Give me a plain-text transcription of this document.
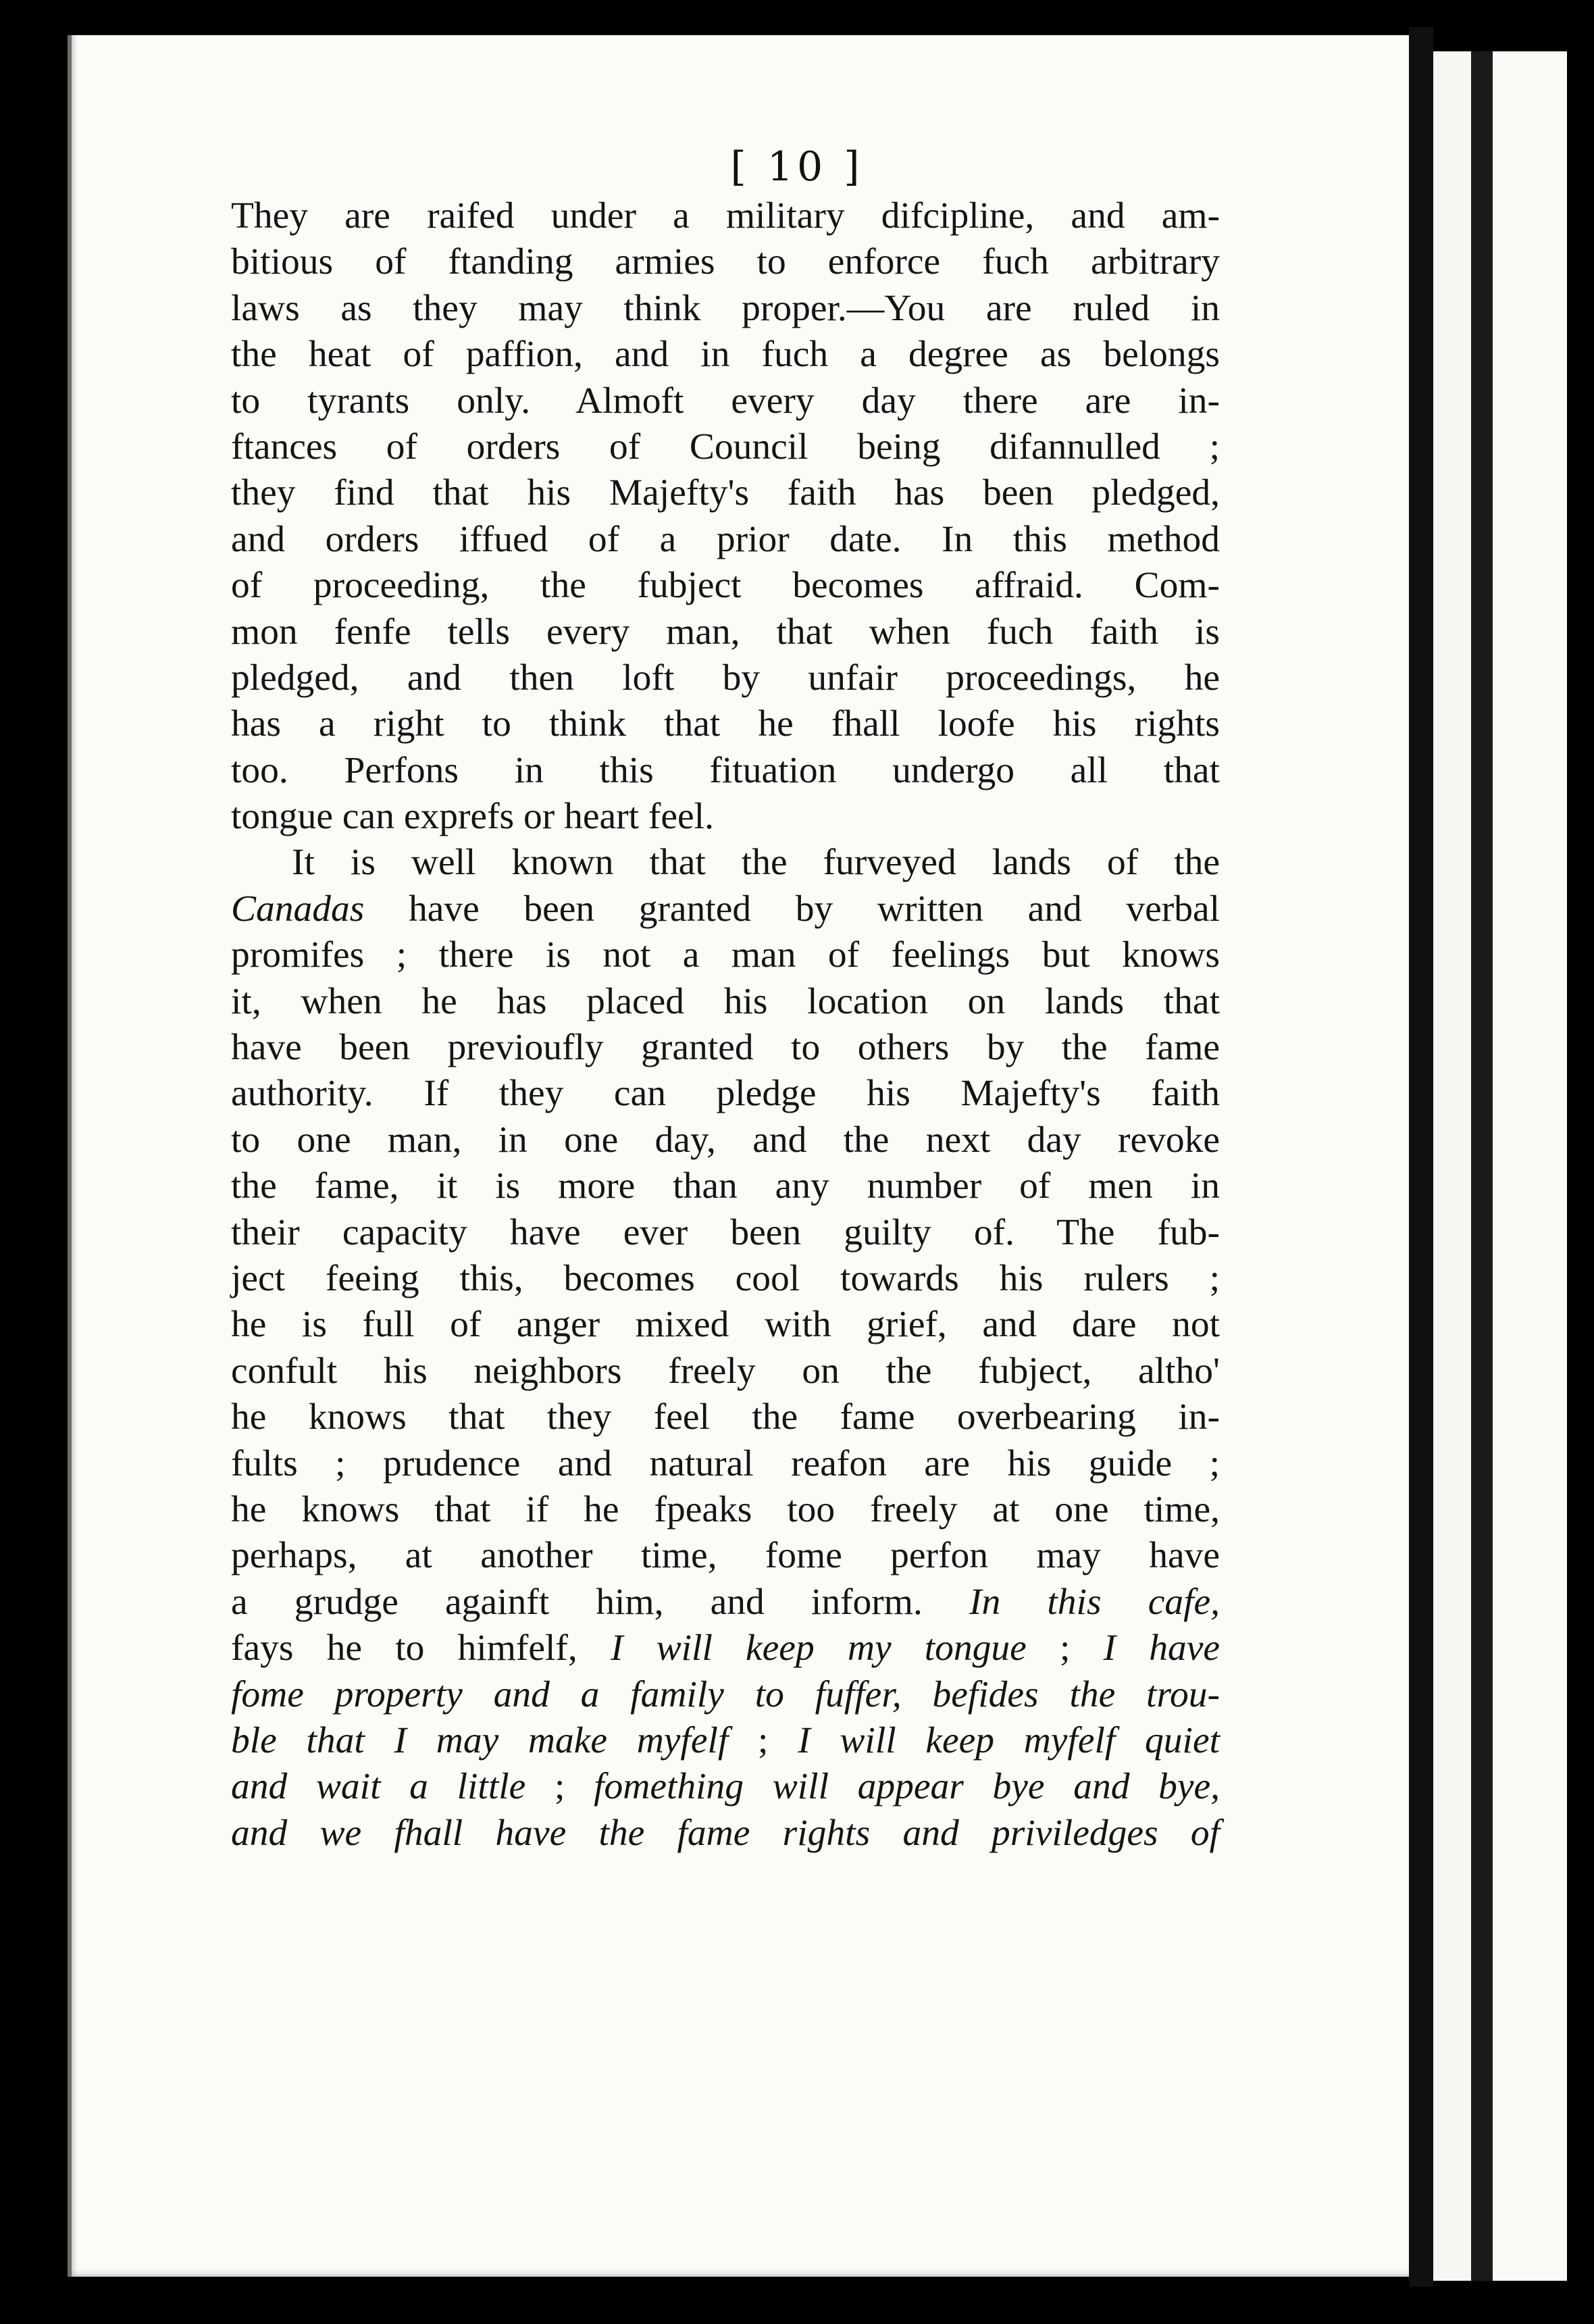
[ 10 ]
They are raifed under a military difcipline, and am-
bitious of ftanding armies to enforce fuch arbitrary
laws as they may think proper.—You are ruled in
the heat of paffion, and in fuch a degree as belongs
to tyrants only. Almoft every day there are in-
ftances of orders of Council being difannulled ;
they find that his Majefty's faith has been pledged,
and orders iffued of a prior date. In this method
of proceeding, the fubject becomes affraid. Com-
mon fenfe tells every man, that when fuch faith is
pledged, and then loft by unfair proceedings, he
has a right to think that he fhall loofe his rights
too. Perfons in this fituation undergo all that
tongue can exprefs or heart feel.
It is well known that the furveyed lands of the
Canadas have been granted by written and verbal
promifes ; there is not a man of feelings but knows
it, when he has placed his location on lands that
have been previoufly granted to others by the fame
authority. If they can pledge his Majefty's faith
to one man, in one day, and the next day revoke
the fame, it is more than any number of men in
their capacity have ever been guilty of. The fub-
ject feeing this, becomes cool towards his rulers ;
he is full of anger mixed with grief, and dare not
confult his neighbors freely on the fubject, altho'
he knows that they feel the fame overbearing in-
fults ; prudence and natural reafon are his guide ;
he knows that if he fpeaks too freely at one time,
perhaps, at another time, fome perfon may have
a grudge againft him, and inform. In this cafe,
fays he to himfelf, I will keep my tongue ; I have
fome property and a family to fuffer, befides the trou-
ble that I may make myfelf ; I will keep myfelf quiet
and wait a little ; fomething will appear bye and bye,
and we fhall have the fame rights and priviledges of
